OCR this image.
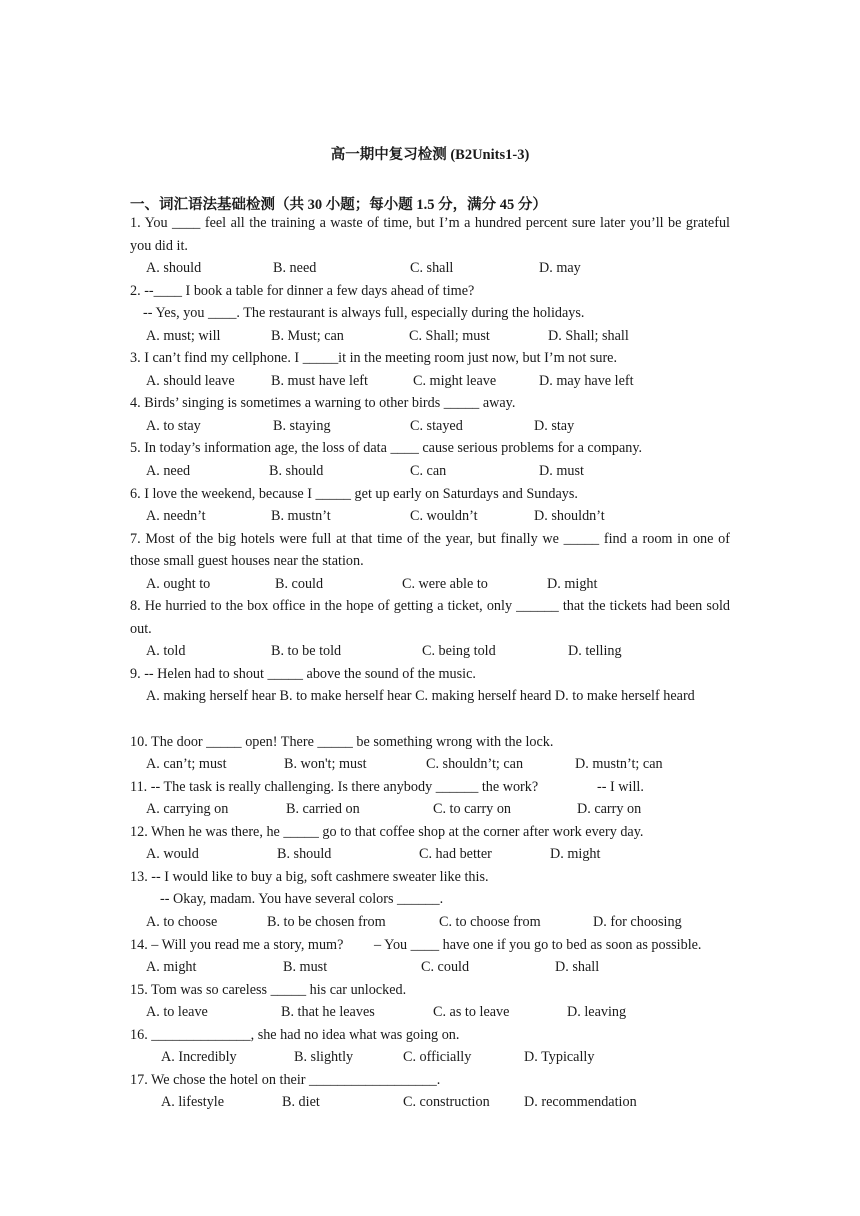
高一期中复习检测 (B2Units1-3)
一、词汇语法基础检测（共 30 小题；每小题 1.5 分，满分 45 分）
1. You ____ feel all the training a waste of time, but I’m a hundred percent sure later you’ll be grateful you did it.
A. should	B. need	C. shall	D. may
2. --____ I book a table for dinner a few days ahead of time?
-- Yes, you ____. The restaurant is always full, especially during the holidays.
A. must; will	B. Must; can	C. Shall; must	D. Shall; shall
3. I can’t find my cellphone. I _____it in the meeting room just now, but I’m not sure.
A. should leave	B. must have left	C. might leave	D. may have left
4. Birds’ singing is sometimes a warning to other birds _____ away.
A. to stay	B. staying	C. stayed	D. stay
5. In today’s information age, the loss of data ____ cause serious problems for a company.
A. need	B. should	C. can	D. must
6. I love the weekend, because I _____ get up early on Saturdays and Sundays.
A. needn’t	B. mustn’t	C. wouldn’t	D. shouldn’t
7. Most of the big hotels were full at that time of the year, but finally we _____ find a room in one of those small guest houses near the station.
A. ought to	B. could	C. were able to	D. might
8. He hurried to the box office in the hope of getting a ticket, only ______ that the tickets had been sold out.
A. told	B. to be told	C. being told	D. telling
9. -- Helen had to shout _____ above the sound of the music.
A. making herself hear B. to make herself hear C. making herself heard D. to make herself heard
10. The door _____ open! There _____ be something wrong with the lock.
A. can’t; must	B. won't; must	C. shouldn’t; can	D. mustn’t; can
11. -- The task is really challenging. Is there anybody ______ the work?	-- I will.
A. carrying on	B. carried on	C. to carry on	D. carry on
12. When he was there, he _____ go to that coffee shop at the corner after work every day.
A. would	B. should	C. had better	D. might
13. -- I would like to buy a big, soft cashmere sweater like this.
-- Okay, madam. You have several colors ______.
A. to choose	B. to be chosen from	C. to choose from	D. for choosing
14. – Will you read me a story, mum? – You ____ have one if you go to bed as soon as possible.
A. might	B. must	C. could	D. shall
15. Tom was so careless _____ his car unlocked.
A. to leave	B. that he leaves	C. as to leave	D. leaving
16. ______________, she had no idea what was going on.
A. Incredibly	B. slightly	C. officially	D. Typically
17. We chose the hotel on their __________________.
A. lifestyle	B. diet	C. construction D. recommendation
